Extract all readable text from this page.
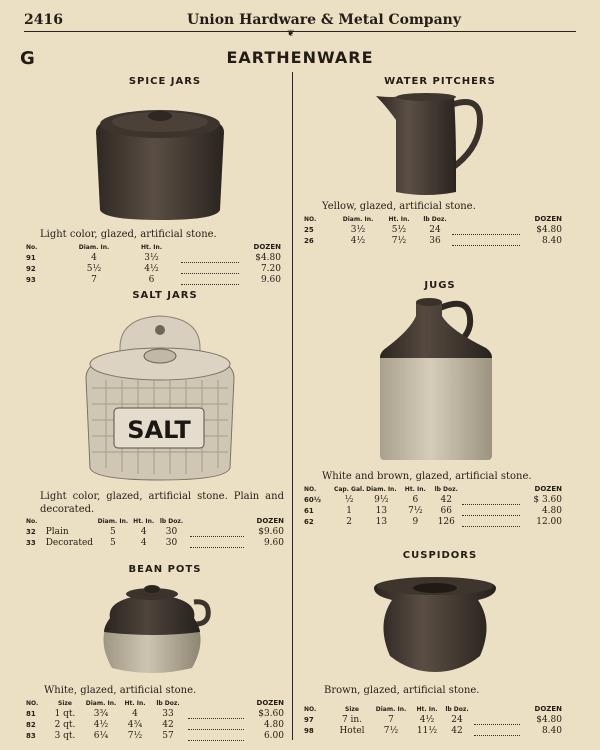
2416	Union Hardware & Metal Company
❦
G	EARTHENWARE
SPICE JARS
Light color, glazed, artificial stone.
No.	Diam. In.	Ht. In.		DOZEN
91	4	3½		$4.80
92	5½	4½		7.20
93	7	6		9.60
SALT JARS
SALT
Light color, glazed, artificial stone. Plain and decorated.
No.		Diam. In.	Ht. In.	lb Doz.		DOZEN
32	Plain	5	4	30		$9.60
33	Decorated	5	4	30		9.60
BEAN POTS
White, glazed, artificial stone.
NO.	Size	Diam. In.	Ht. In.	lb Doz.		DOZEN
81	1 qt.	3¾	4	33		$3.60
82	2 qt.	4½	4¾	42		4.80
83	3 qt.	6¼	7½	57		6.00
WATER PITCHERS
Yellow, glazed, artificial stone.
NO.	Diam. In.	Ht. In.	lb Doz.		DOZEN
25	3½	5½	24		$4.80
26	4½	7½	36		8.40
JUGS
White and brown, glazed, artificial stone.
NO.	Cap. Gal.	Diam. In.	Ht. In.	lb Doz.		DOZEN
60½	½	9½	6	42		$ 3.60
61	1	13	7½	66		4.80
62	2	13	9	126		12.00
CUSPIDORS
Brown, glazed, artificial stone.
NO.	Size	Diam. In.	Ht. In.	lb Doz.		DOZEN
97	7 in.	7	4½	24		$4.80
98	Hotel	7½	11½	42		8.40
